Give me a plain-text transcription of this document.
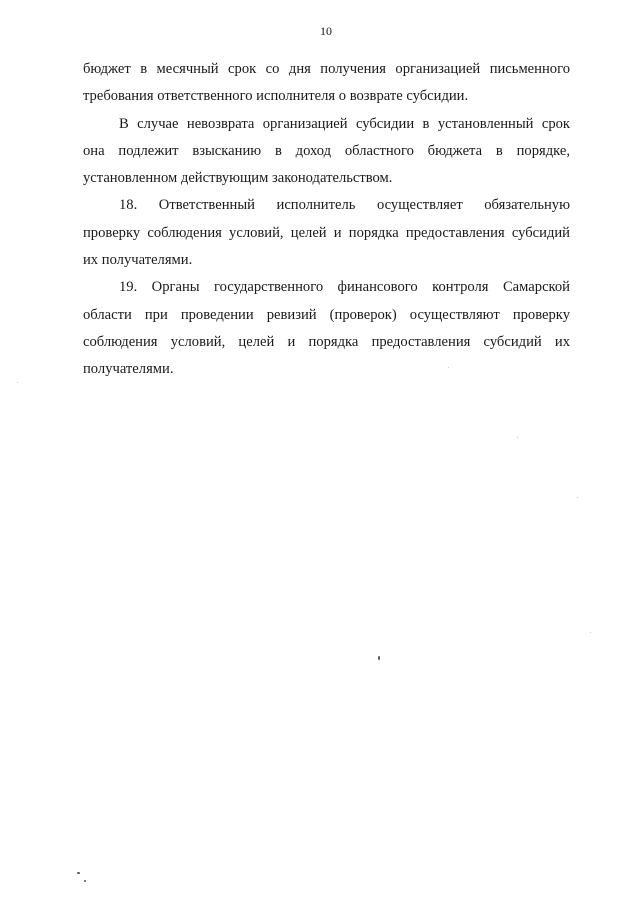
10

бюджет в месячный срок со дня получения организацией письменного
требования ответственного исполнителя о возврате субсидии.

В случае невозврата организацией субсидии в установленный срок
она подлежит взысканию в доход областного бюджета в порядке,
установленном действующим законодательством.

18. Ответственный исполнитель осуществляет обязательную
проверку соблюдения условий, целей и порядка предоставления субсидий
их получателями.

19. Органы государственного финансового контроля Самарской
области при проведении ревизий (проверок) осуществляют проверку
соблюдения условий, целей и порядка предоставления субсидий их
получателями.
